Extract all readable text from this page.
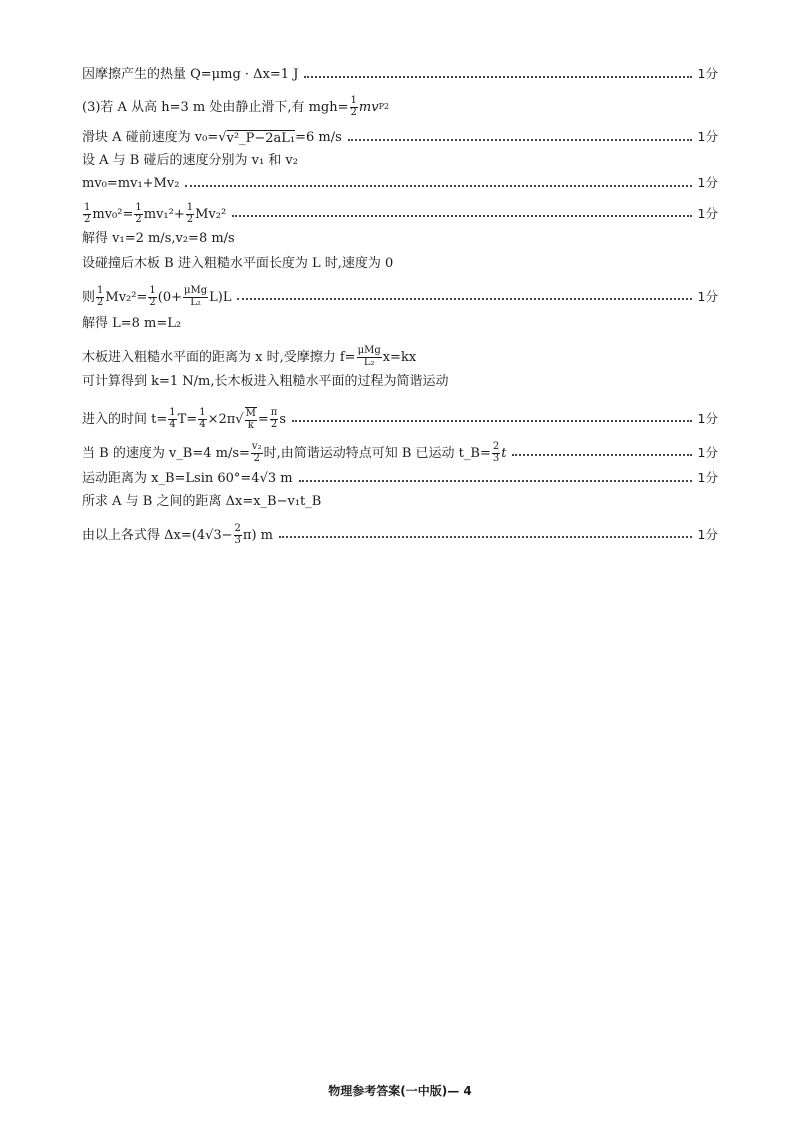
因摩擦产生的热量 Q=μmg · Δx=1 J	1分
(3)若 A 从高 h=3 m 处由静止滑下,有 $mgh= \frac{1}{2}$ mv P 2
滑块 A 碰前速度为 v₀= √ v²_P−2aL₁ =6 m/s	1分
设 A 与 B 碰后的速度分别为 v₁ 和 v₂
mv₀=mv₁+Mv₂	1分
$\frac{1}{2} mv_0^2= \frac{1}{2} mv_1^2+ \frac{1}{2} Mv_2^2$	1分
解得 v₁=2 m/s,v₂=8 m/s
设碰撞后木板 B 进入粗糙水平面长度为 L 时,速度为 0
则 $\frac{1}{2} Mv_2^2= \frac{1}{2} (0+ \frac{\text{μMg}}{\text{L₂}} L)L$	1分
解得 L=8 m=L₂
木板进入粗糙水平面的距离为 x 时,受摩擦力 $f= \frac{\text{μMg}}{\text{L₂}} x=kx$
可计算得到 k=1 N/m,长木板进入粗糙水平面的过程为简谐运动
进入的时间 $t= \frac{1}{4} T= \frac{1}{4} \times 2\pi$ √ $\frac{M}{k} = \frac{\pi}{2}$ s	1分
当 B 的速度为 v_B=4 $m/s= \frac{\text{v₂}}{2}$ 时,由简谐运动特点可知 B 已运动 t_B= $\frac{2}{3}$ t	1分
运动距离为 x_B=Lsin 60°=4√3 m	1分
所求 A 与 B 之间的距离 Δx=x_B−v₁t_B
由以上各式得 $\Delta x=(4√3- \frac{2}{3} \pi)$ m	1分
物理参考答案(一中版)— 4
